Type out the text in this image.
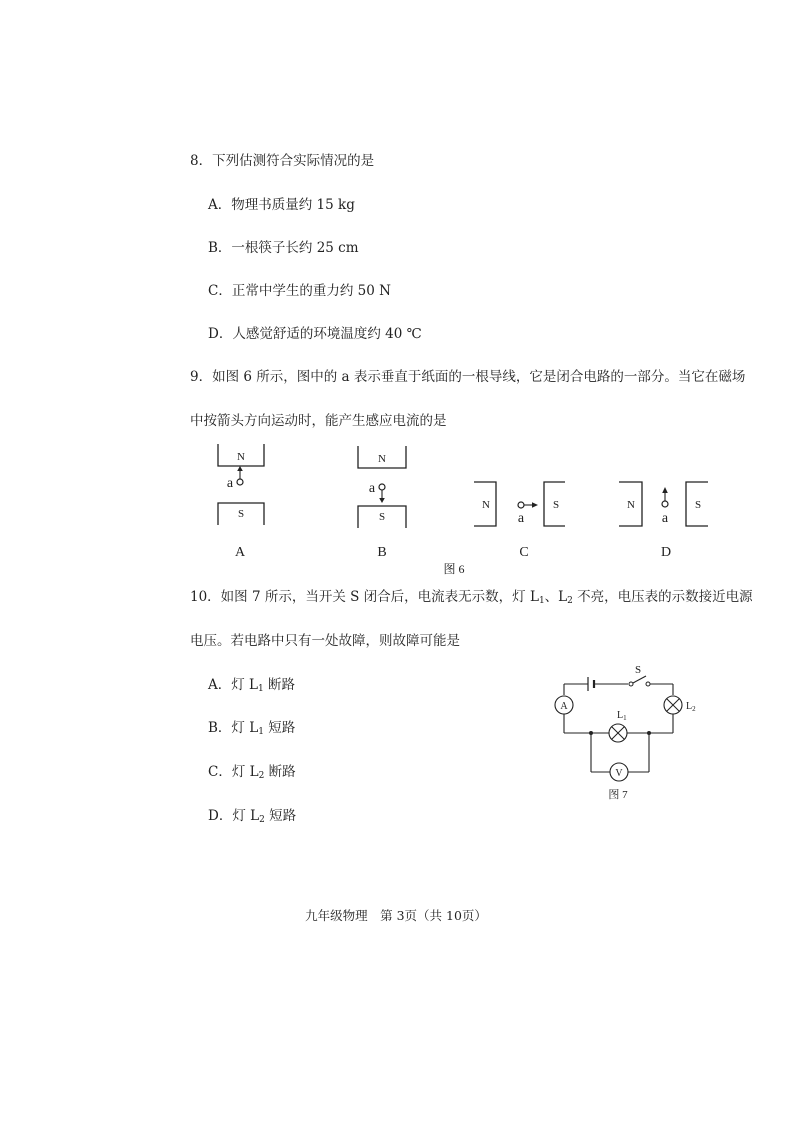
8．下列估测符合实际情况的是
A．物理书质量约 15 kg
B．一根筷子长约 25 cm
C．正常中学生的重力约 50 N
D．人感觉舒适的环境温度约 40 ℃
9．如图 6 所示，图中的 a 表示垂直于纸面的一根导线，它是闭合电路的一部分。当它在磁场
中按箭头方向运动时，能产生感应电流的是
N
S
a
A
N
S
a
B
N	S
a
C
N	S
a
D
图 6
10．如图 7 所示，当开关 S 闭合后，电流表无示数，灯 $L_1$、$L_2$ 不亮，电压表的示数接近电源
电压。若电路中只有一处故障，则故障可能是
A．灯 $L_1$ 断路
B．灯 $L_1$ 短路
C．灯 $L_2$ 断路
D．灯 $L_2$ 短路
S
A	$L_2$
$L_1$
V
图 7
九年级物理　第 3页（共 10页）
